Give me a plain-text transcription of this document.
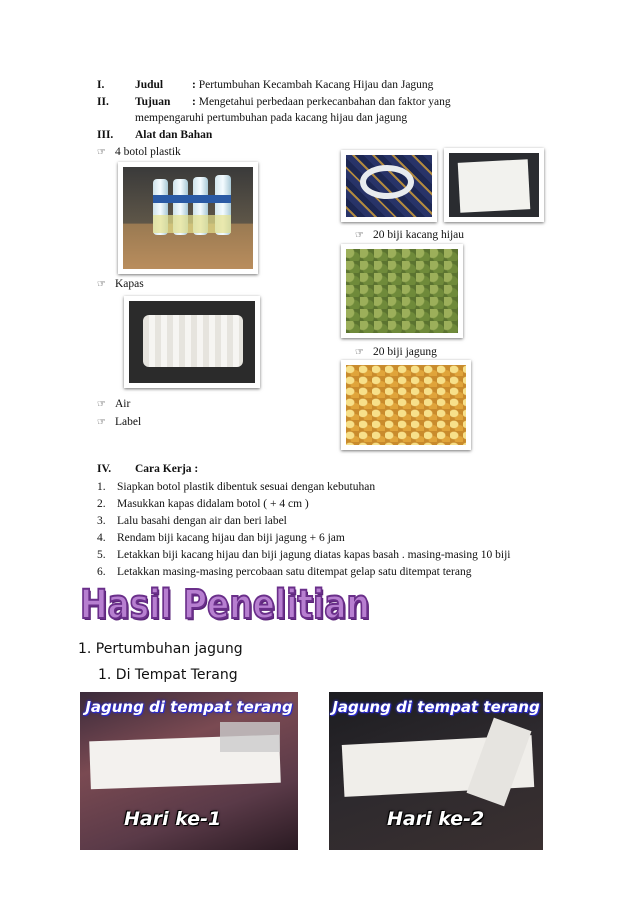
I.	Judul	: Pertumbuhan Kecambah Kacang Hijau dan Jagung
II. Tujuan : Mengetahui perbedaan perkecanbahan dan faktor yang
mempengaruhi pertumbuhan pada kacang hijau dan jagung
III. Alat dan Bahan
☞ 4 botol plastik
☞ 20 biji kacang hijau
☞ Kapas
☞ 20 biji jagung
☞ Air
☞ Label
IV. Cara Kerja :
1. Siapkan botol plastik dibentuk sesuai dengan kebutuhan
2. Masukkan kapas didalam botol ( + 4 cm )
3. Lalu basahi dengan air dan beri label
4. Rendam biji kacang hijau dan biji jagung + 6 jam
5. Letakkan biji kacang hijau dan biji jagung diatas kapas basah . masing-masing 10 biji
6. Letakkan masing-masing percobaan satu ditempat gelap satu ditempat terang
Hasil Penelitian
1. Pertumbuhan jagung
1. Di Tempat Terang
Jagung di tempat terang
Hari ke-1
Jagung di tempat terang
Hari ke-2
